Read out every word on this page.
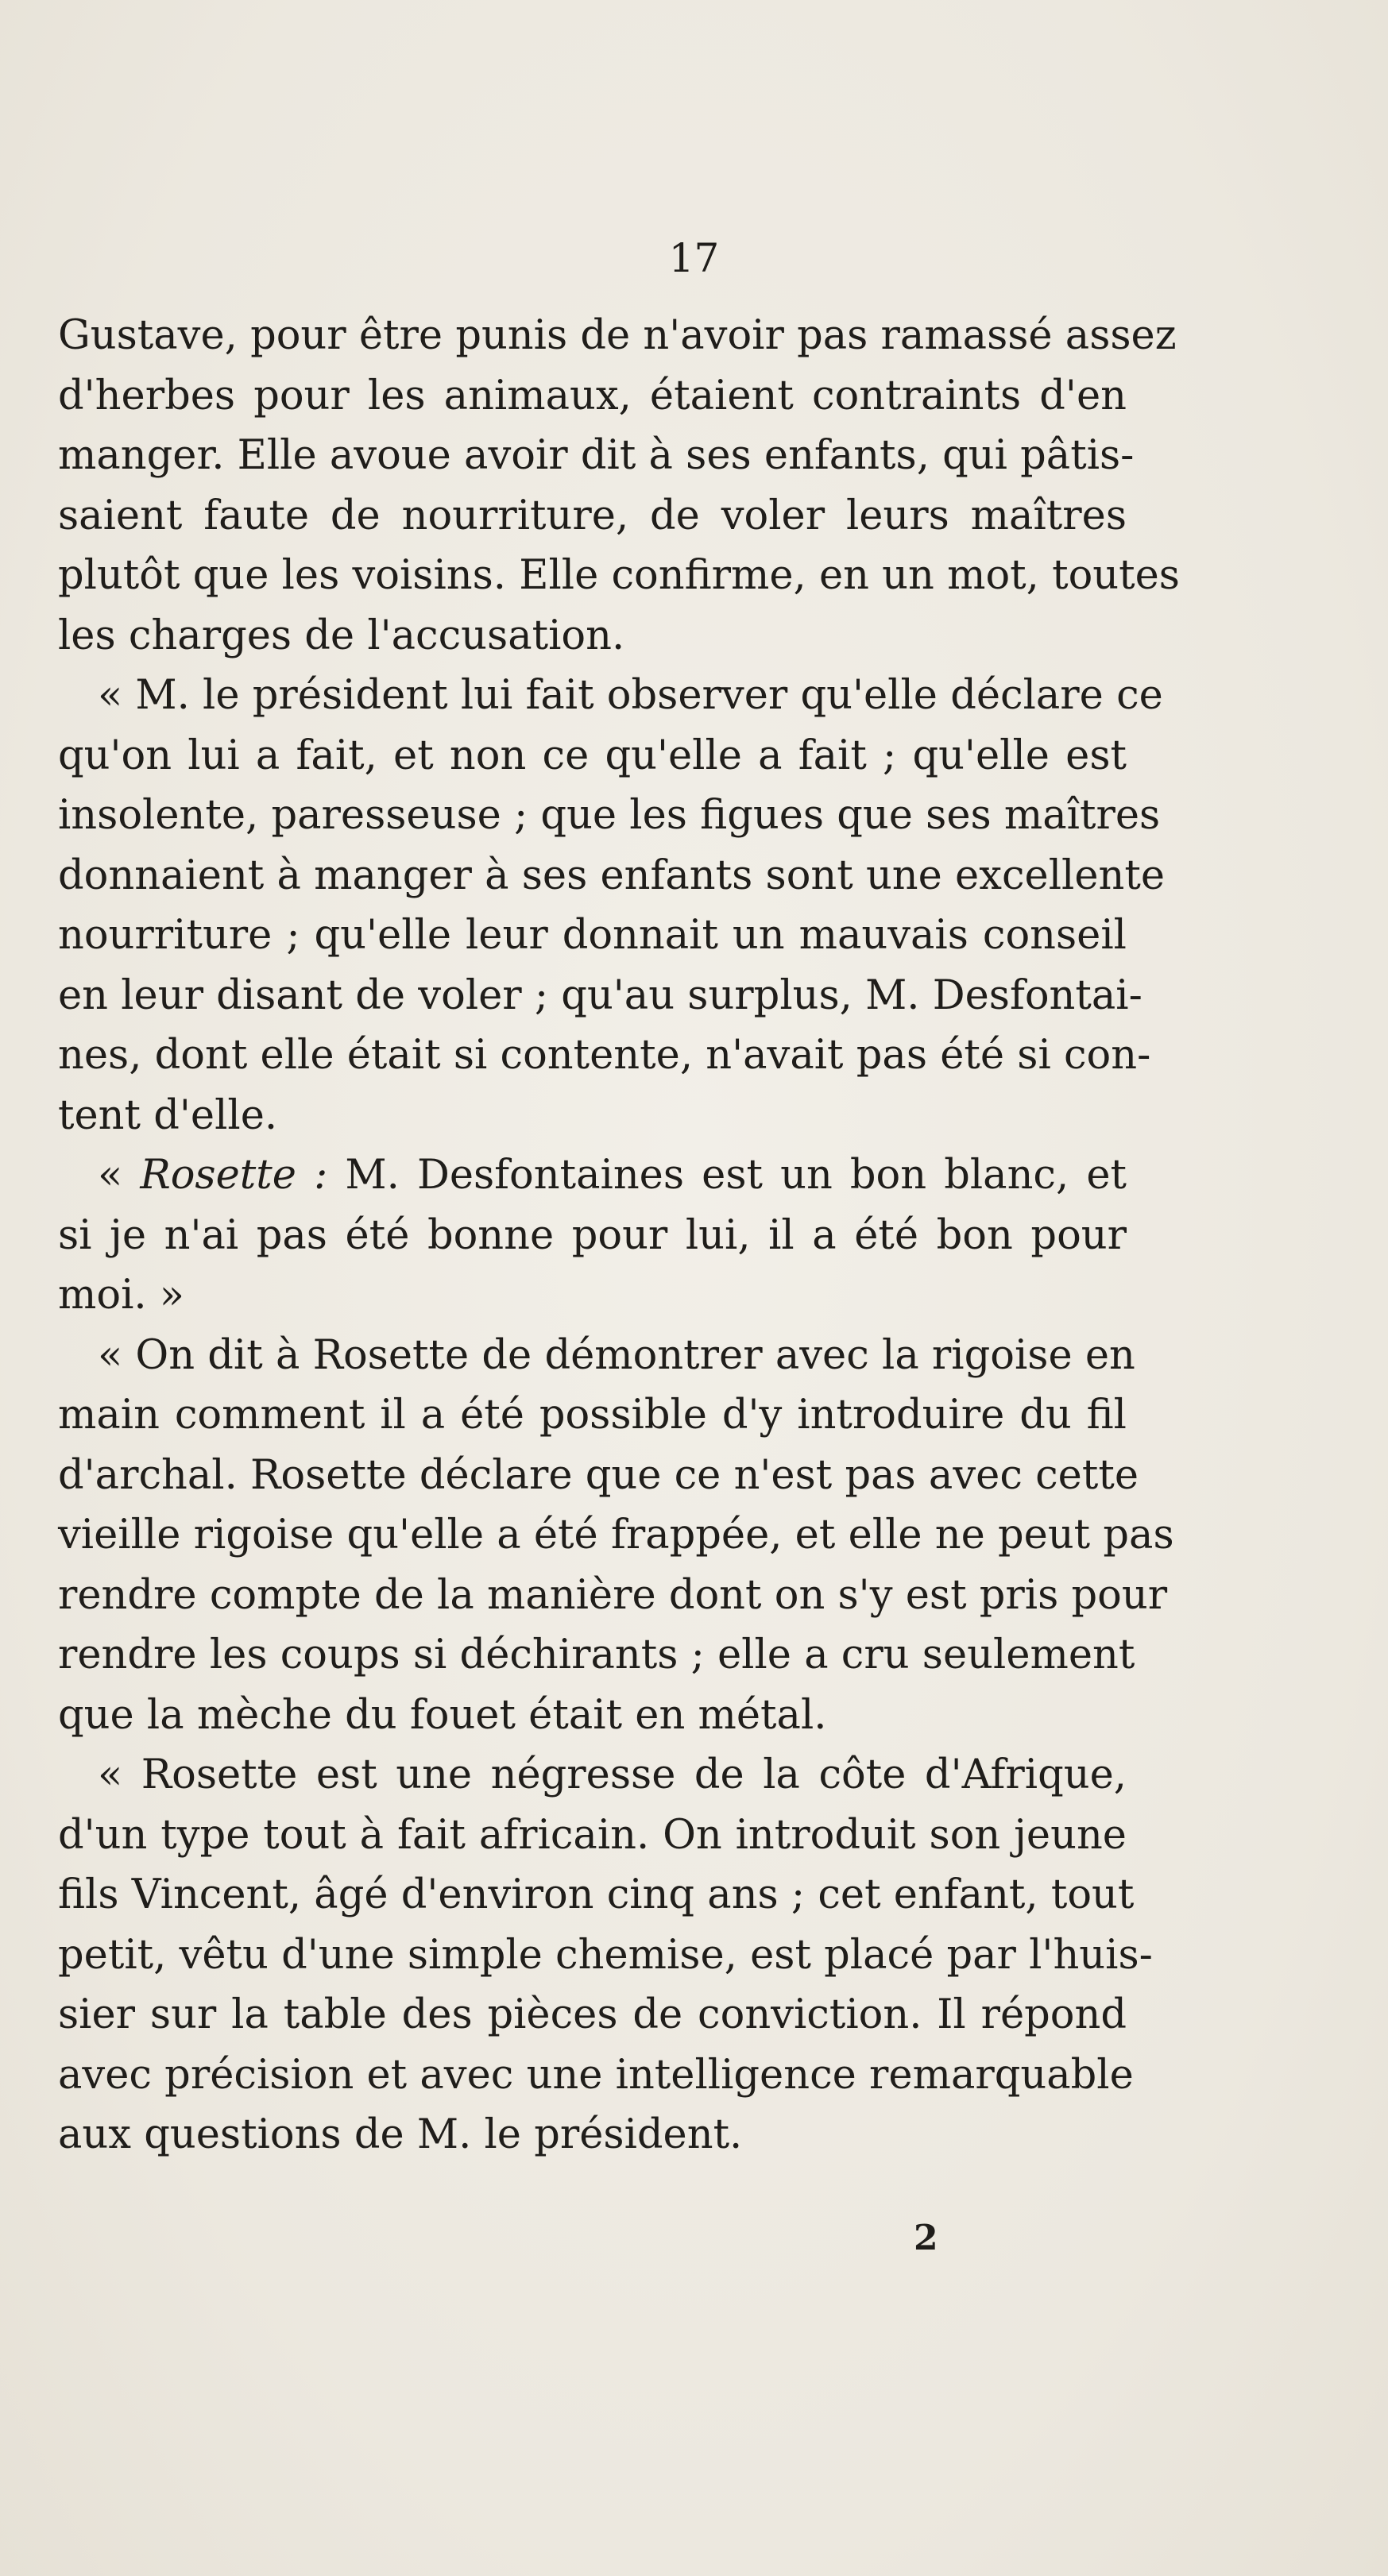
17
Gustave, pour être punis de n'avoir pas ramassé assez
d'herbes pour les animaux, étaient contraints d'en
manger. Elle avoue avoir dit à ses enfants, qui pâtis-
saient faute de nourriture, de voler leurs maîtres
plutôt que les voisins. Elle confirme, en un mot, toutes
les charges de l'accusation.
« M. le président lui fait observer qu'elle déclare ce
qu'on lui a fait, et non ce qu'elle a fait ; qu'elle est
insolente, paresseuse ; que les figues que ses maîtres
donnaient à manger à ses enfants sont une excellente
nourriture ; qu'elle leur donnait un mauvais conseil
en leur disant de voler ; qu'au surplus, M. Desfontai-
nes, dont elle était si contente, n'avait pas été si con-
tent d'elle.
« Rosette : M. Desfontaines est un bon blanc, et
si je n'ai pas été bonne pour lui, il a été bon pour
moi. »
« On dit à Rosette de démontrer avec la rigoise en
main comment il a été possible d'y introduire du fil
d'archal. Rosette déclare que ce n'est pas avec cette
vieille rigoise qu'elle a été frappée, et elle ne peut pas
rendre compte de la manière dont on s'y est pris pour
rendre les coups si déchirants ; elle a cru seulement
que la mèche du fouet était en métal.
« Rosette est une négresse de la côte d'Afrique,
d'un type tout à fait africain. On introduit son jeune
fils Vincent, âgé d'environ cinq ans ; cet enfant, tout
petit, vêtu d'une simple chemise, est placé par l'huis-
sier sur la table des pièces de conviction. Il répond
avec précision et avec une intelligence remarquable
aux questions de M. le président.
2
